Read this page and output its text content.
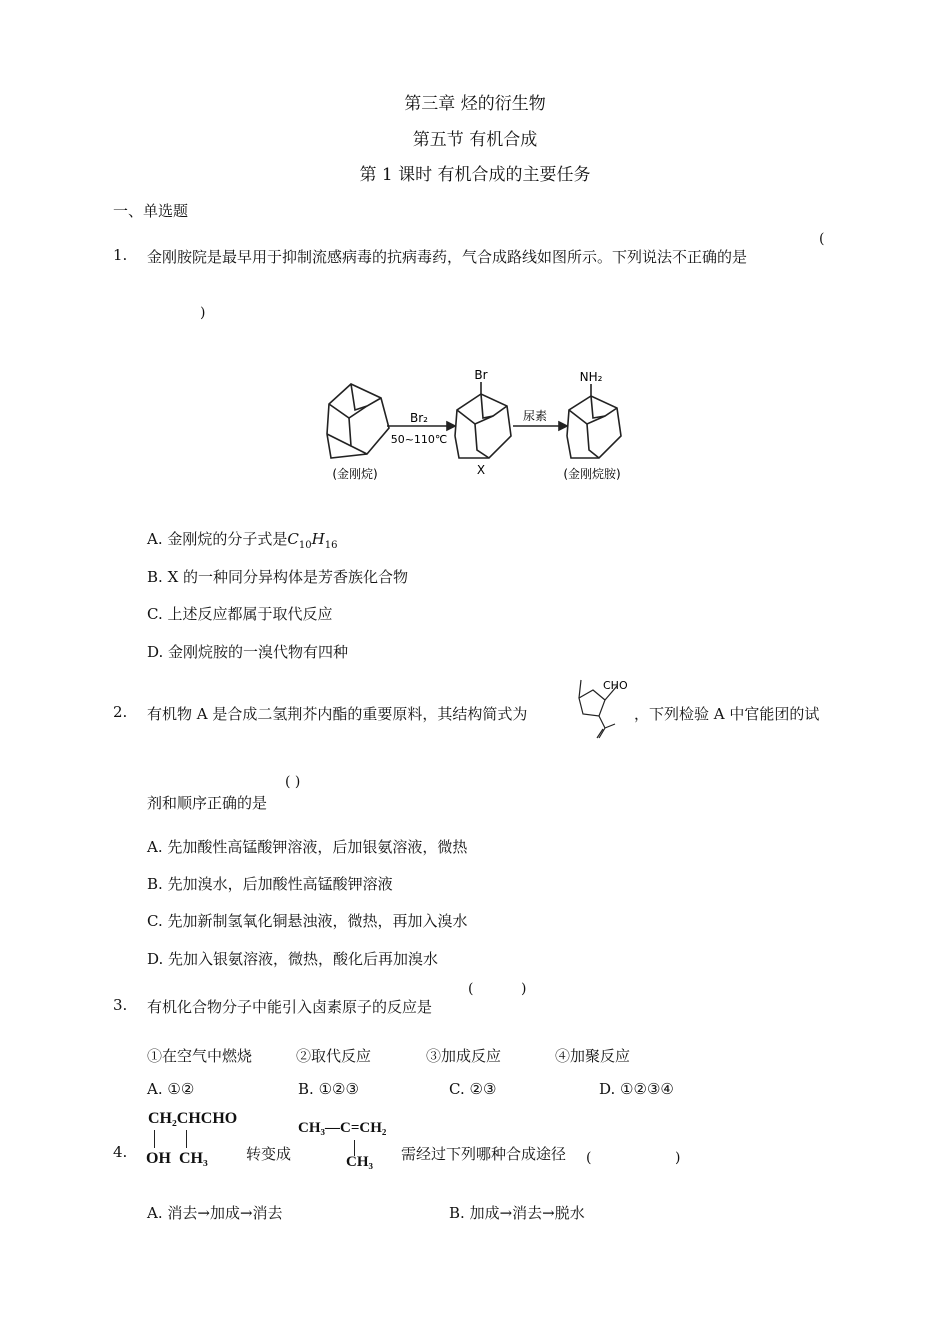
第三章 烃的衍生物
第五节 有机合成
第 1 课时 有机合成的主要任务
一、单选题
1. 金刚胺院是最早用于抑制流感病毒的抗病毒药，气合成路线如图所示。下列说法不正确的是
(
)
Br	NH₂
Br₂
50~110℃
尿素
(金刚烷)	X	(金刚烷胺)
A. 金刚烷的分子式是$C_{10}H_{16}$
B. X 的一种同分异构体是芳香族化合物
C. 上述反应都属于取代反应
D. 金刚烷胺的一溴代物有四种
2. 有机物 A 是合成二氢荆芥内酯的重要原料，其结构简式为
CHO
，下列检验 A 中官能团的试
剂和顺序正确的是
( )
A. 先加酸性高锰酸钾溶液，后加银氨溶液，微热
B. 先加溴水，后加酸性高锰酸钾溶液
C. 先加新制氢氧化铜悬浊液，微热，再加入溴水
D. 先加入银氨溶液，微热，酸化后再加溴水
3. 有机化合物分子中能引入卤素原子的反应是
(	)
①在空气中燃烧	②取代反应	③加成反应	④加聚反应
A. ①②	B. ①②③	C. ②③	D. ①②③④
4.
CH₂CHCHO
OH CH₃	转变成
CH₃—C=CH₂
CH₃ 需经过下列哪种合成途径 (	)
A. 消去→加成→消去	B. 加成→消去→脱水
